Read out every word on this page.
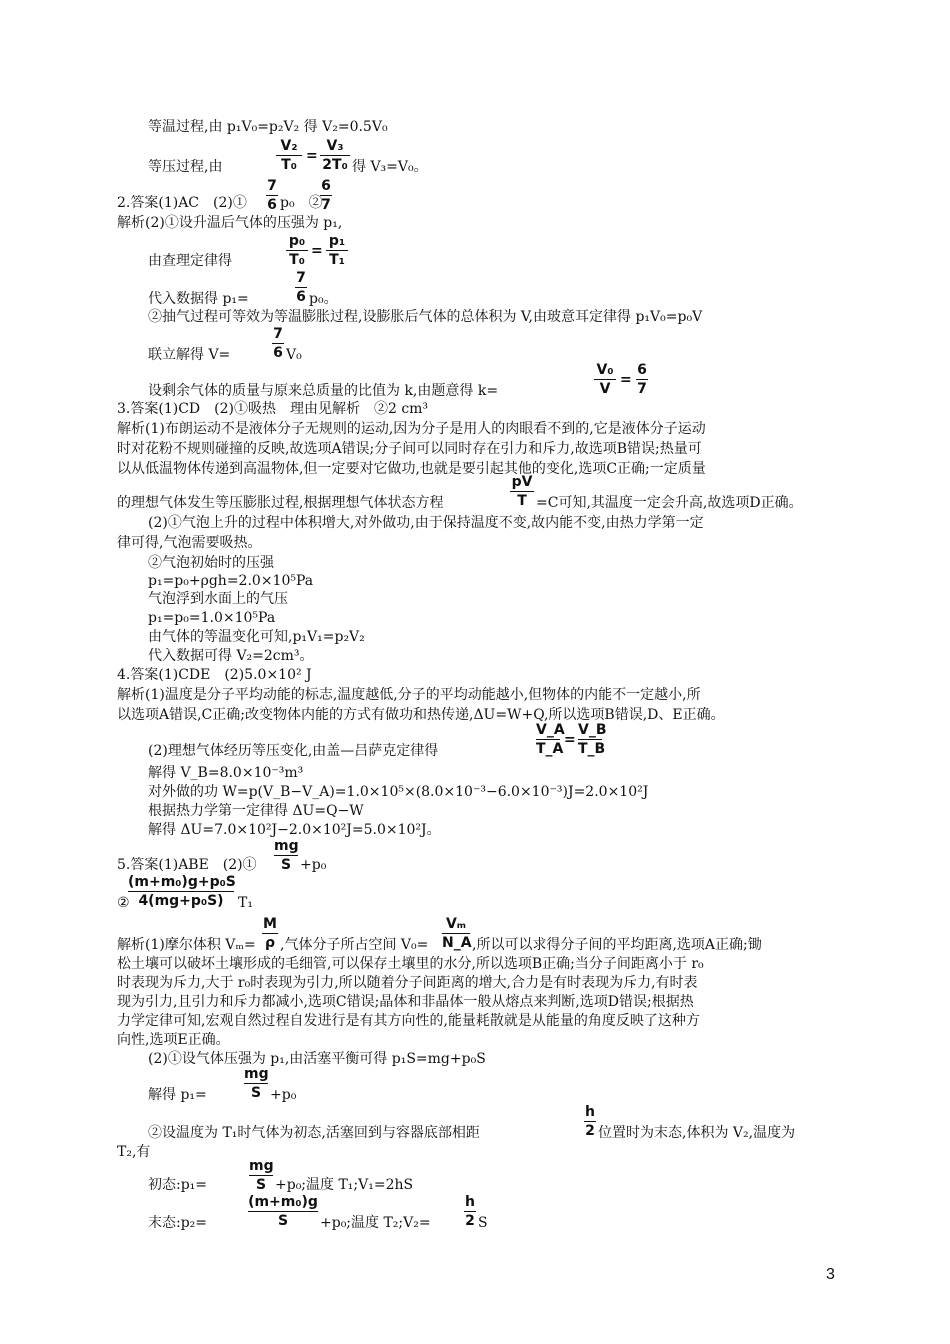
等温过程,由 p₁V₀=p₂V₂ 得 V₂=0.5V₀
等压过程,由
V₂
T₀
=
V₃
2T₀ 得 V₃=V₀。
2.答案(1)AC　(2)①
7
6 p₀　②
6
7
解析(2)①设升温后气体的压强为 p₁,
由查理定律得
p₀
T₀
=
p₁
T₁
代入数据得 p₁=
7
6 p₀。
②抽气过程可等效为等温膨胀过程,设膨胀后气体的总体积为 V,由玻意耳定律得 p₁V₀=p₀V
联立解得 V=
7
6 V₀
设剩余气体的质量与原来总质量的比值为 k,由题意得 k=
V₀
V
=
6
7
3.答案(1)CD　(2)①吸热　理由见解析　②2 cm³
解析(1)布朗运动不是液体分子无规则的运动,因为分子是用人的肉眼看不到的,它是液体分子运动
时对花粉不规则碰撞的反映,故选项A错误;分子间可以同时存在引力和斥力,故选项B错误;热量可
以从低温物体传递到高温物体,但一定要对它做功,也就是要引起其他的变化,选项C正确;一定质量
的理想气体发生等压膨胀过程,根据理想气体状态方程
pV
T =C可知,其温度一定会升高,故选项D正确。
(2)①气泡上升的过程中体积增大,对外做功,由于保持温度不变,故内能不变,由热力学第一定
律可得,气泡需要吸热。
②气泡初始时的压强
p₁=p₀+ρgh=2.0×10⁵Pa
气泡浮到水面上的气压
p₁=p₀=1.0×10⁵Pa
由气体的等温变化可知,p₁V₁=p₂V₂
代入数据可得 V₂=2cm³。
4.答案(1)CDE　(2)5.0×10² J
解析(1)温度是分子平均动能的标志,温度越低,分子的平均动能越小,但物体的内能不一定越小,所
以选项A错误,C正确;改变物体内能的方式有做功和热传递,ΔU=W+Q,所以选项B错误,D、E正确。
(2)理想气体经历等压变化,由盖—吕萨克定律得
V_A
T_A
=
V_B
T_B
解得 V_B=8.0×10⁻³m³
对外做的功 W=p(V_B−V_A)=1.0×10⁵×(8.0×10⁻³−6.0×10⁻³)J=2.0×10²J
根据热力学第一定律得 ΔU=Q−W
解得 ΔU=7.0×10²J−2.0×10²J=5.0×10²J。
5.答案(1)ABE　(2)①
mg
S +p₀
②
(m+m₀)g+p₀S
4(mg+p₀S)	T₁
解析(1)摩尔体积 Vₘ=
M
ρ ,气体分子所占空间 V₀=
Vₘ
N_A ,所以可以求得分子间的平均距离,选项A正确;锄
松土壤可以破坏土壤形成的毛细管,可以保存土壤里的水分,所以选项B正确;当分子间距离小于 r₀
时表现为斥力,大于 r₀时表现为引力,所以随着分子间距离的增大,合力是有时表现为斥力,有时表
现为引力,且引力和斥力都减小,选项C错误;晶体和非晶体一般从熔点来判断,选项D错误;根据热
力学定律可知,宏观自然过程自发进行是有其方向性的,能量耗散就是从能量的角度反映了这种方
向性,选项E正确。
(2)①设气体压强为 p₁,由活塞平衡可得 p₁S=mg+p₀S
解得 p₁=
mg
S +p₀
②设温度为 T₁时气体为初态,活塞回到与容器底部相距
h
2 位置时为末态,体积为 V₂,温度为
T₂,有
初态:p₁=
mg
S +p₀;温度 T₁;V₁=2hS
末态:p₂=
(m+m₀)g
S	+p₀;温度 T₂;V₂=
h
2 S
3
